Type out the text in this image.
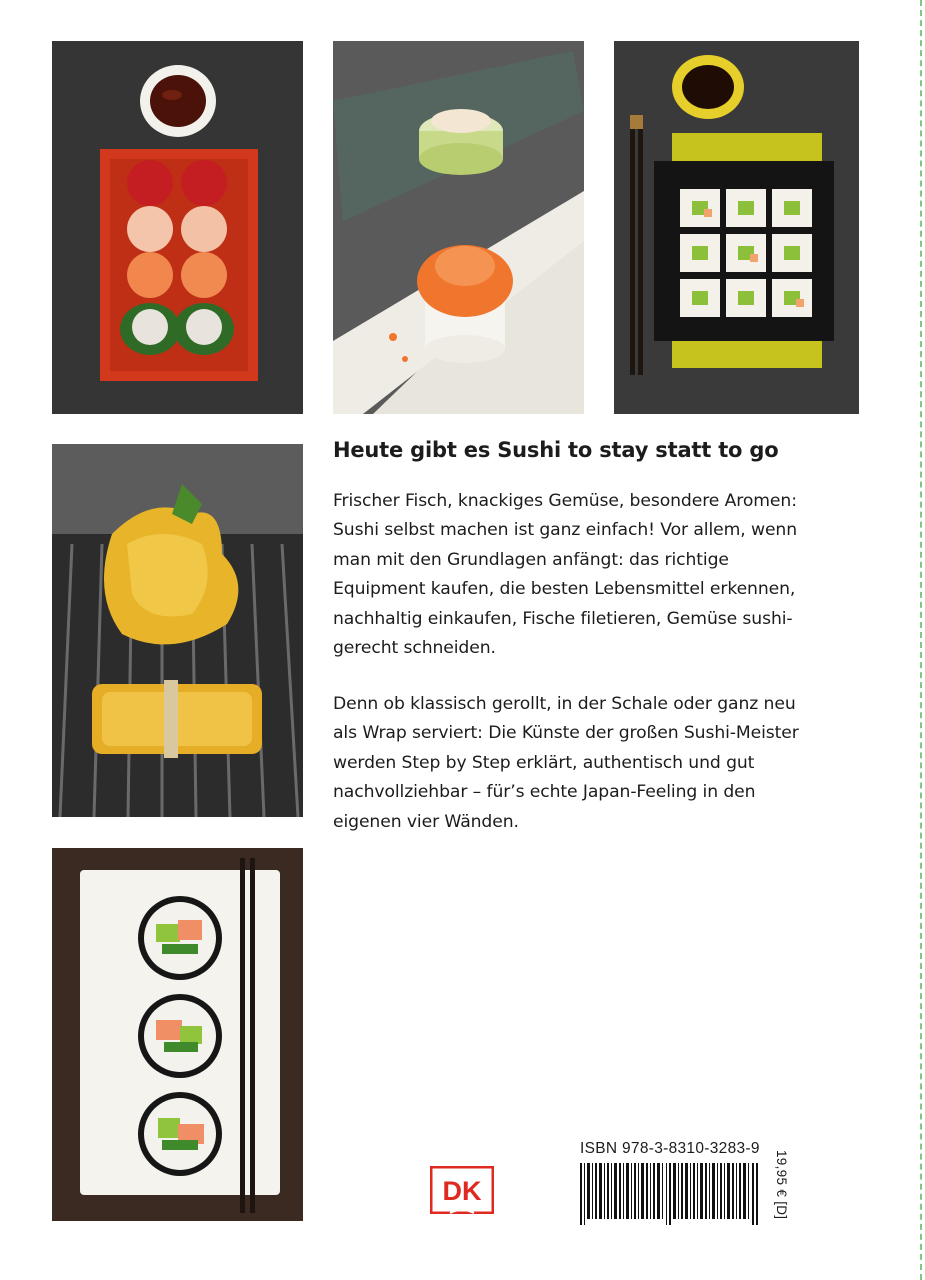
Heute gibt es Sushi to stay statt to go

Frischer Fisch, knackiges Gemüse, besondere Aromen: Sushi selbst machen ist ganz einfach! Vor allem, wenn man mit den Grundlagen anfängt: das richtige Equipment kaufen, die besten Lebensmittel erkennen, nachhaltig einkaufen, Fische filetieren, Gemüse sushi-gerecht schneiden.

Denn ob klassisch gerollt, in der Schale oder ganz neu als Wrap serviert: Die Künste der großen Sushi-Meister werden Step by Step erklärt, authentisch und gut nachvollziehbar – für’s echte Japan-Feeling in den eigenen vier Wänden.

DK
ISBN 978-3-8310-3283-9
19,95 € [D]
